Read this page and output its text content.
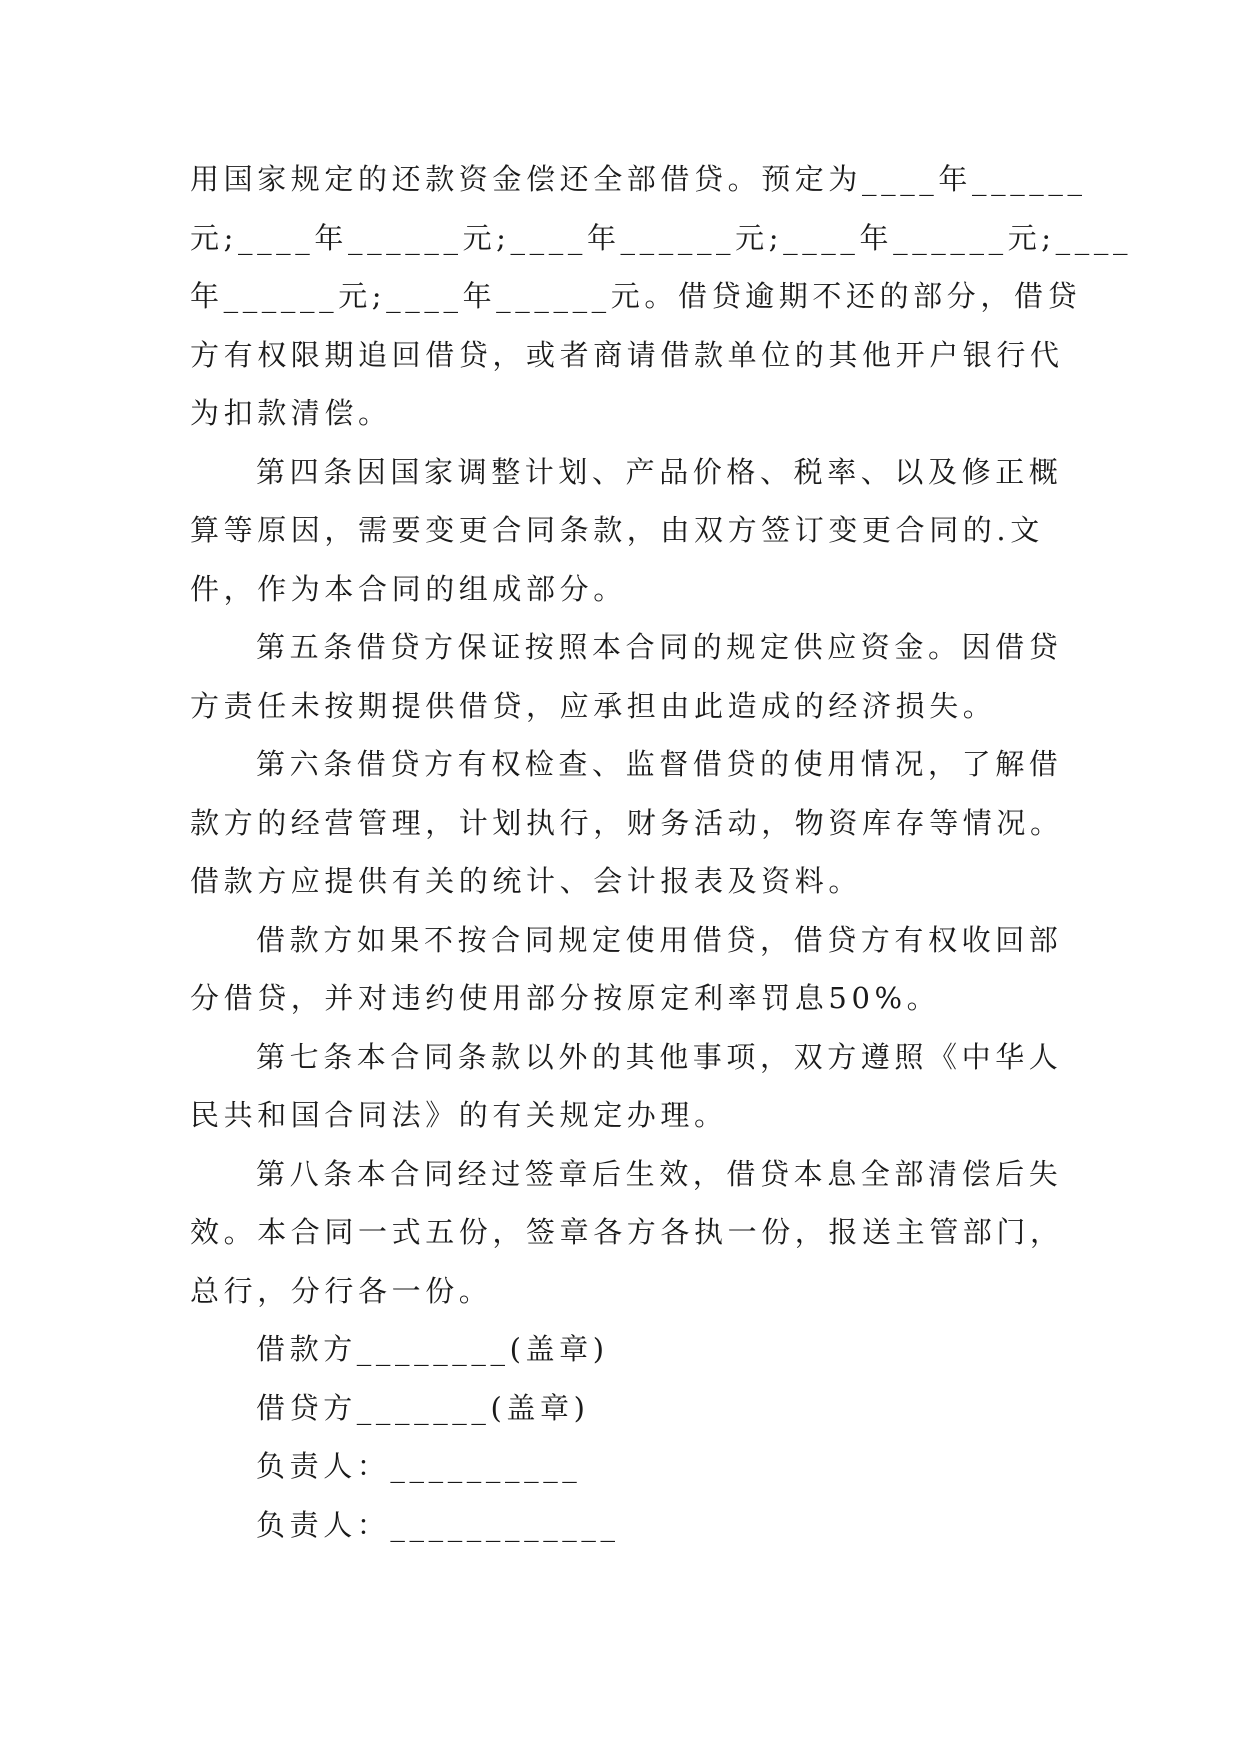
用国家规定的还款资金偿还全部借贷。预定为____年______
元;____年______元;____年______元;____年______元;____
年______元;____年______元。借贷逾期不还的部分，借贷
方有权限期追回借贷，或者商请借款单位的其他开户银行代
为扣款清偿。
第四条因国家调整计划、产品价格、税率、以及修正概
算等原因，需要变更合同条款，由双方签订变更合同的.文
件，作为本合同的组成部分。
第五条借贷方保证按照本合同的规定供应资金。因借贷
方责任未按期提供借贷，应承担由此造成的经济损失。
第六条借贷方有权检查、监督借贷的使用情况，了解借
款方的经营管理，计划执行，财务活动，物资库存等情况。
借款方应提供有关的统计、会计报表及资料。
借款方如果不按合同规定使用借贷，借贷方有权收回部
分借贷，并对违约使用部分按原定利率罚息50%。
第七条本合同条款以外的其他事项，双方遵照《中华人
民共和国合同法》的有关规定办理。
第八条本合同经过签章后生效，借贷本息全部清偿后失
效。本合同一式五份，签章各方各执一份，报送主管部门，
总行，分行各一份。
借款方________(盖章)
借贷方_______(盖章)
负责人：__________
负责人：____________
